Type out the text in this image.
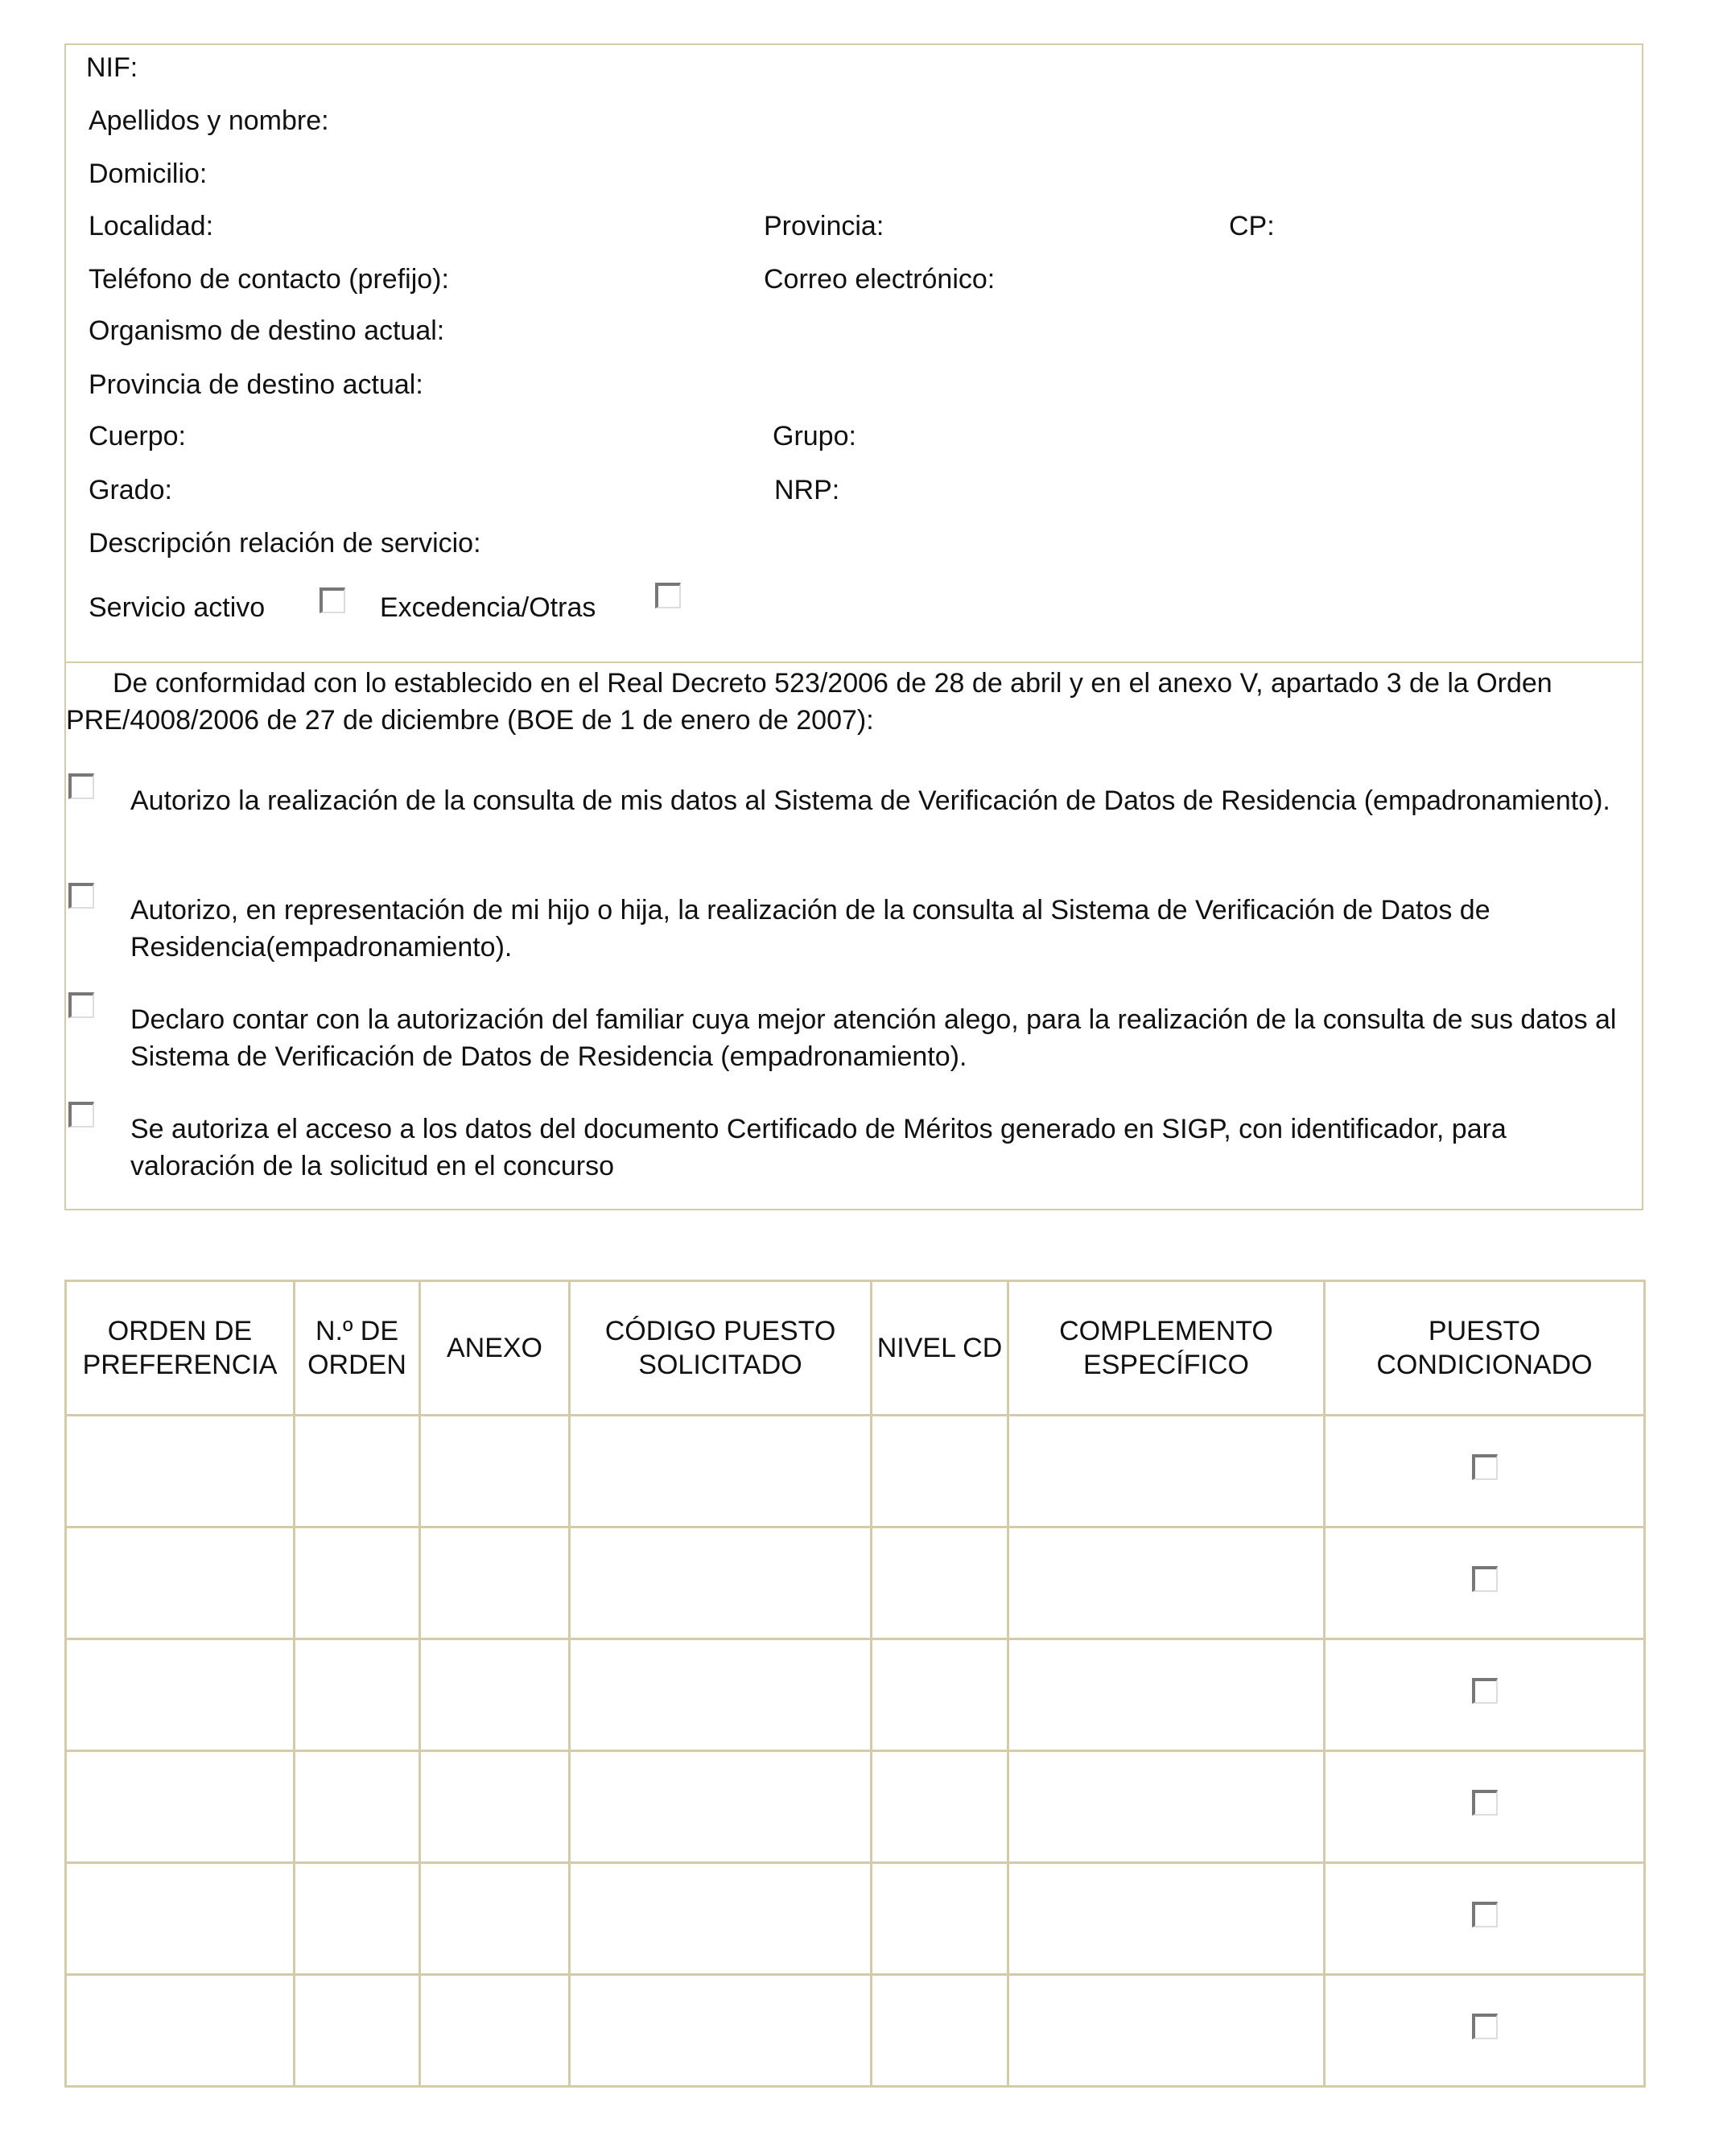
NIF:
Apellidos y nombre:
Domicilio:
Localidad:	Provincia:	CP:
Teléfono de contacto (prefijo):	Correo electrónico:
Organismo de destino actual:
Provincia de destino actual:
Cuerpo:	Grupo:
Grado:	NRP:
Descripción relación de servicio:
Servicio activo	Excedencia/Otras
De conformidad con lo establecido en el Real Decreto 523/2006 de 28 de abril y en el anexo V, apartado 3 de la Orden PRE/4008/2006 de 27 de diciembre (BOE de 1 de enero de 2007):
Autorizo la realización de la consulta de mis datos al Sistema de Verificación de Datos de Residencia (empadronamiento).
Autorizo, en representación de mi hijo o hija, la realización de la consulta al Sistema de Verificación de Datos de Residencia(empadronamiento).
Declaro contar con la autorización del familiar cuya mejor atención alego, para la realización de la consulta de sus datos al Sistema de Verificación de Datos de Residencia (empadronamiento).
Se autoriza el acceso a los datos del documento Certificado de Méritos generado en SIGP, con identificador, para valoración de la solicitud en el concurso
ORDEN DE PREFERENCIA	N.º DE ORDEN	ANEXO	CÓDIGO PUESTO SOLICITADO	NIVEL CD	COMPLEMENTO ESPECÍFICO	PUESTO CONDICIONADO
